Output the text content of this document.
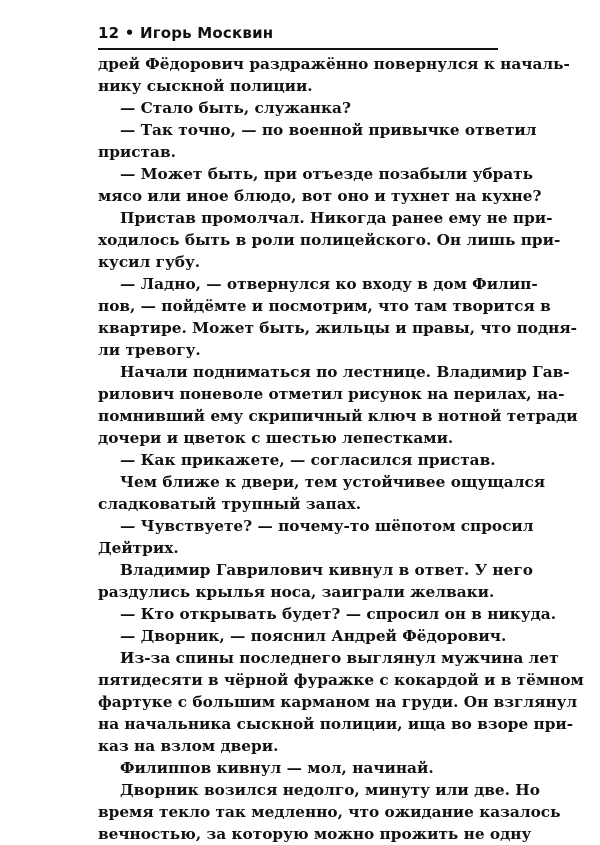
12 • Игорь Москвин
дрей Фёдорович раздражённо повернулся к началь-
нику сыскной полиции.
— Стало быть, служанка?
— Так точно, — по военной привычке ответил
пристав.
— Может быть, при отъезде позабыли убрать
мясо или иное блюдо, вот оно и тухнет на кухне?
Пристав промолчал. Никогда ранее ему не при-
ходилось быть в роли полицейского. Он лишь при-
кусил губу.
— Ладно, — отвернулся ко входу в дом Филип-
пов, — пойдёмте и посмотрим, что там творится в
квартире. Может быть, жильцы и правы, что подня-
ли тревогу.
Начали подниматься по лестнице. Владимир Гав-
рилович поневоле отметил рисунок на перилах, на-
помнивший ему скрипичный ключ в нотной тетради
дочери и цветок с шестью лепестками.
— Как прикажете, — согласился пристав.
Чем ближе к двери, тем устойчивее ощущался
сладковатый трупный запах.
— Чувствуете? — почему-то шёпотом спросил
Дейтрих.
Владимир Гаврилович кивнул в ответ. У него
раздулись крылья носа, заиграли желваки.
— Кто открывать будет? — спросил он в никуда.
— Дворник, — пояснил Андрей Фёдорович.
Из-за спины последнего выглянул мужчина лет
пятидесяти в чёрной фуражке с кокардой и в тёмном
фартуке с большим карманом на груди. Он взглянул
на начальника сыскной полиции, ища во взоре при-
каз на взлом двери.
Филиппов кивнул — мол, начинай.
Дворник возился недолго, минуту или две. Но
время текло так медленно, что ожидание казалось
вечностью, за которую можно прожить не одну
